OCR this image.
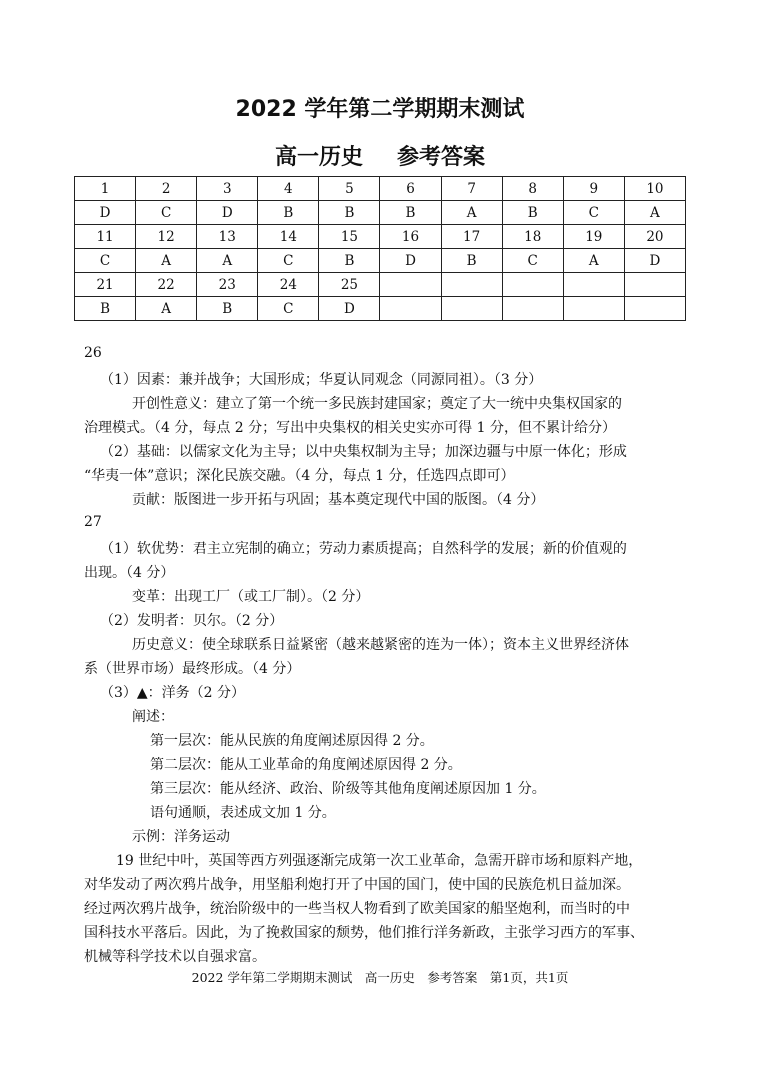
2022 学年第二学期期末测试
高一历史 参考答案
1	2	3	4	5	6	7	8	9	10
D	C	D	B	B	B	A	B	C	A
11	12	13	14	15	16	17	18	19	20
C	A	A	C	B	D	B	C	A	D
21	22	23	24	25					
B	A	B	C	D					
26
（1）因素：兼并战争；大国形成；华夏认同观念（同源同祖）。（3 分）
开创性意义：建立了第一个统一多民族封建国家；奠定了大一统中央集权国家的
治理模式。（4 分，每点 2 分；写出中央集权的相关史实亦可得 1 分，但不累计给分）
（2）基础：以儒家文化为主导；以中央集权制为主导；加深边疆与中原一体化；形成
“华夷一体”意识；深化民族交融。（4 分，每点 1 分，任选四点即可）
贡献：版图进一步开拓与巩固；基本奠定现代中国的版图。（4 分）
27
（1）软优势：君主立宪制的确立；劳动力素质提高；自然科学的发展；新的价值观的
出现。（4 分）
变革：出现工厂（或工厂制）。（2 分）
（2）发明者：贝尔。（2 分）
历史意义：使全球联系日益紧密（越来越紧密的连为一体）；资本主义世界经济体
系（世界市场）最终形成。（4 分）
（3）▲：洋务（2 分）
阐述：
第一层次：能从民族的角度阐述原因得 2 分。
第二层次：能从工业革命的角度阐述原因得 2 分。
第三层次：能从经济、政治、阶级等其他角度阐述原因加 1 分。
语句通顺，表述成文加 1 分。
示例：洋务运动
19 世纪中叶，英国等西方列强逐渐完成第一次工业革命，急需开辟市场和原料产地，
对华发动了两次鸦片战争，用坚船利炮打开了中国的国门，使中国的民族危机日益加深。
经过两次鸦片战争，统治阶级中的一些当权人物看到了欧美国家的船坚炮利，而当时的中
国科技水平落后。因此，为了挽救国家的颓势，他们推行洋务新政，主张学习西方的军事、
机械等科学技术以自强求富。
2022 学年第二学期期末测试　高一历史　参考答案　第1页，共1页
